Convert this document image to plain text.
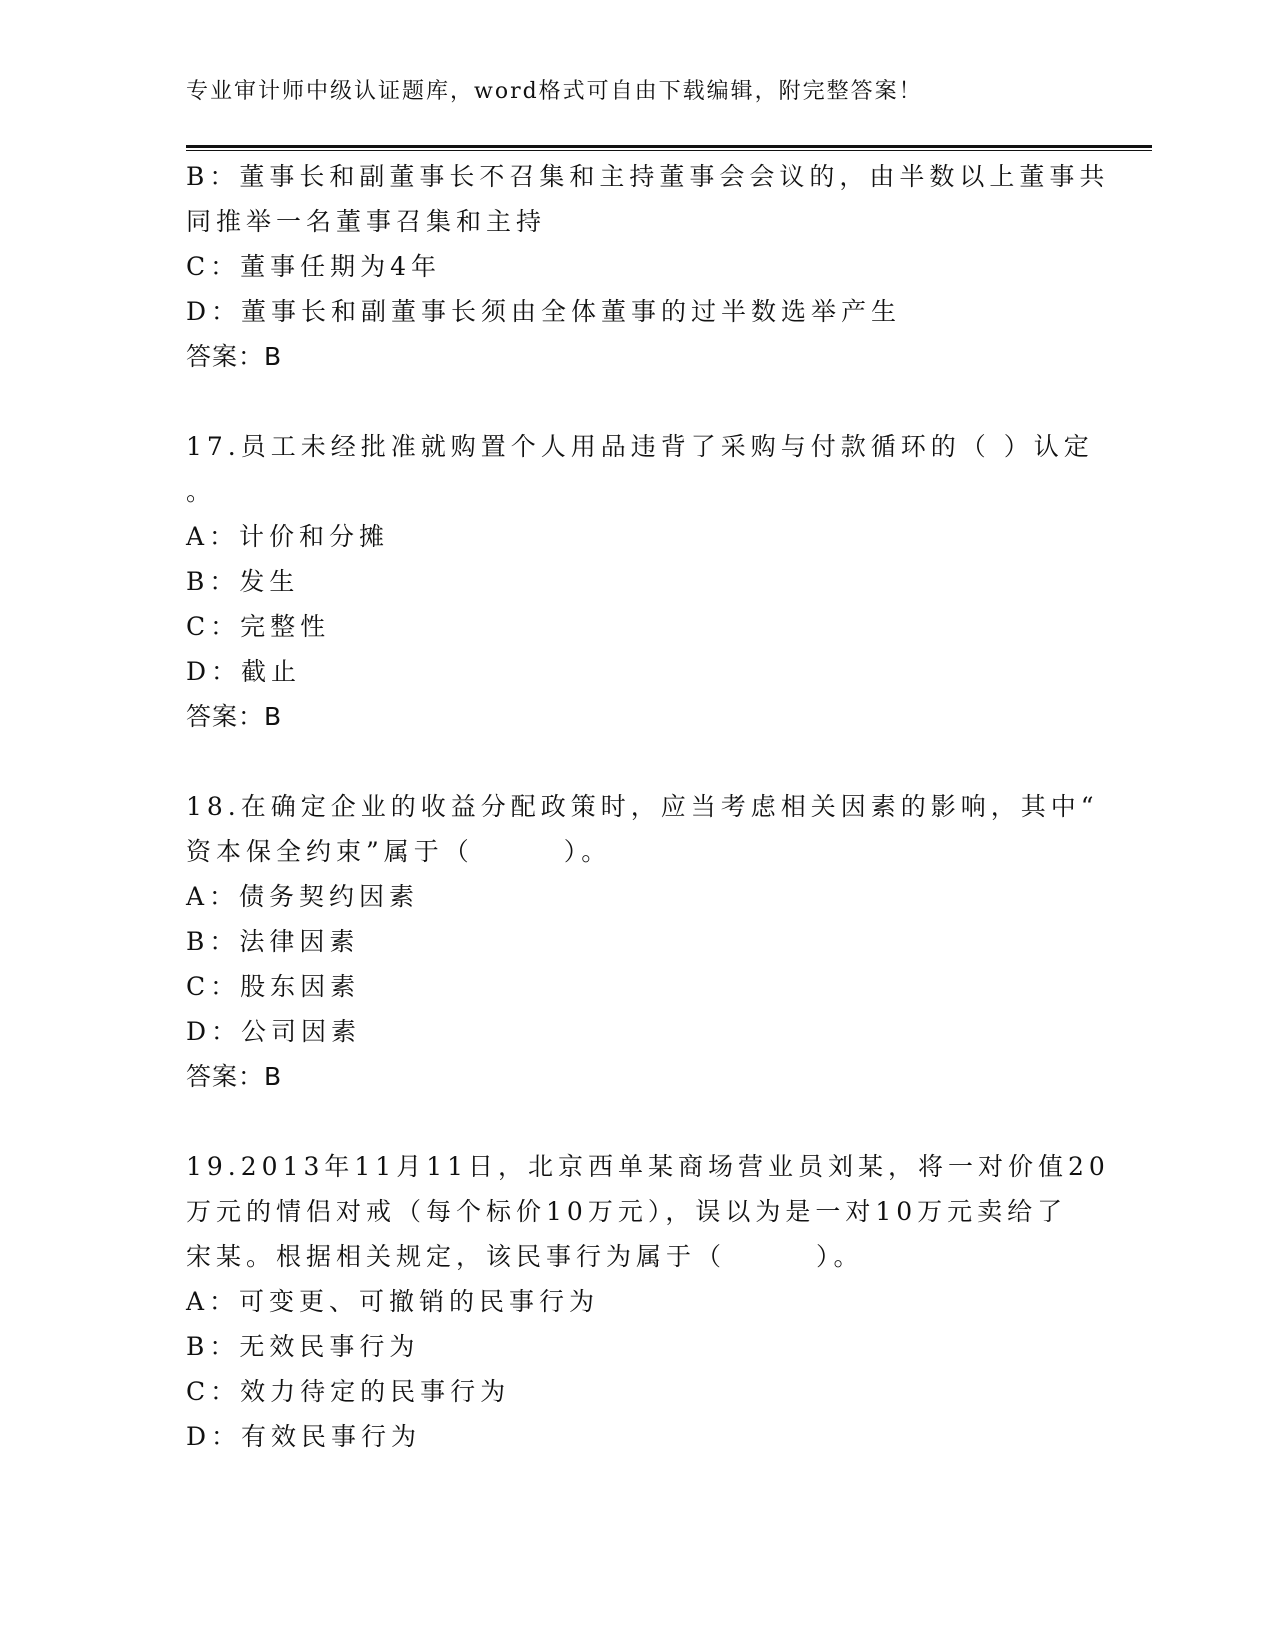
专业审计师中级认证题库，word格式可自由下载编辑，附完整答案！
B：董事长和副董事长不召集和主持董事会会议的，由半数以上董事共
同推举一名董事召集和主持
C：董事任期为4年
D：董事长和副董事长须由全体董事的过半数选举产生
答案：B
17.员工未经批准就购置个人用品违背了采购与付款循环的（ ）认定
。
A：计价和分摊
B：发生
C：完整性
D：截止
答案：B
18.在确定企业的收益分配政策时，应当考虑相关因素的影响，其中“
资本保全约束”属于（　　　）。
A：债务契约因素
B：法律因素
C：股东因素
D：公司因素
答案：B
19.2013年11月11日，北京西单某商场营业员刘某，将一对价值20
万元的情侣对戒（每个标价10万元），误以为是一对10万元卖给了
宋某。根据相关规定，该民事行为属于（　　　）。
A：可变更、可撤销的民事行为
B：无效民事行为
C：效力待定的民事行为
D：有效民事行为
